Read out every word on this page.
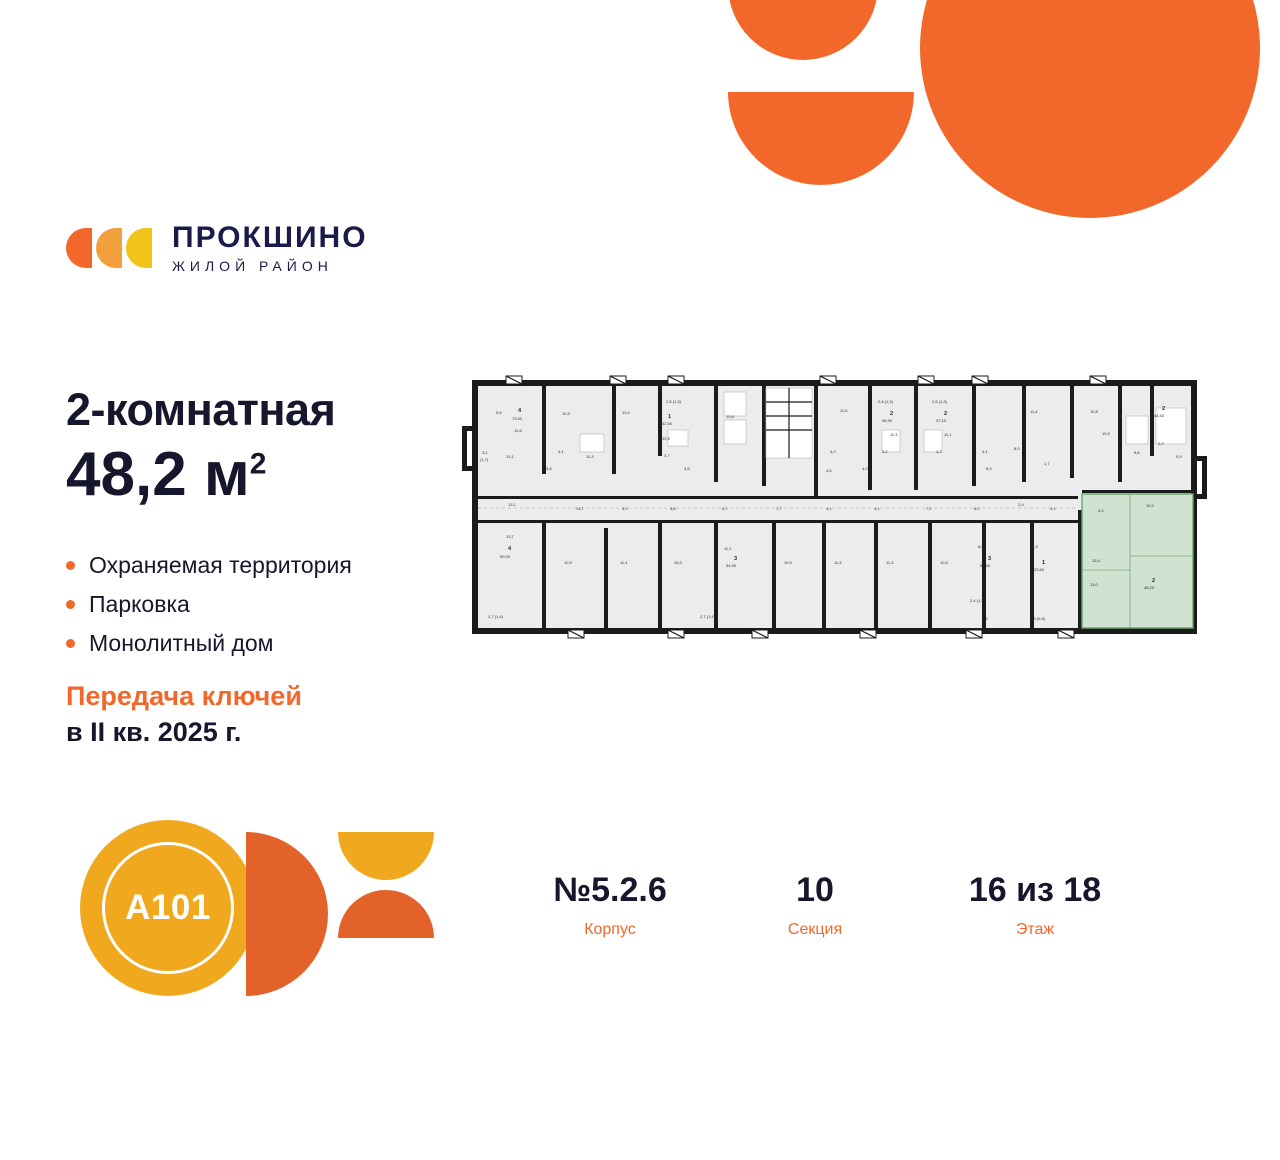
ПРОКШИНО
ЖИЛОЙ РАЙОН
2-комнатная
48,2 $м^2$
Охраняемая территория
Парковка
Монолитный дом
Передача ключей
в II кв. 2025 г.
А101	№5.2.6
Корпус
10
Секция
16 из 18
Этаж
5,6	4
73,50
10,3	12,0
2,5 (1,3)
1
32,50
10,8
11,5
2,6 (1,3)
2
36,90
2,6 (1,3)
2
37,10
11,4	10,8	2
44,40
2,9
12,6
12,9
11,3	11,1	10,9
9,8
3,1
(1,7)
12,1
4,1
11,3	3,7
4,0	4,2	4,2	4,1
8,0
0,9
3,8	3,8	4,6	4,0	5,0
1,7
13,1
14,7	5,9	5,8	6,7	7,7	4,1	4,1	7,2	8,0
2,9
3,1
10,2
3,4
4
90,00
13,7
10,9	11,4	15,3
11,2
3
54,90
10,9	11,3	11,3	10,5
8,6
3
52,50
5,9
1
22,60
13,4
13,0
2
48,20
2,7 (1,4)	2,7 (1,4)
2,4 (1,2)
6,9	2,8 (0,8)
